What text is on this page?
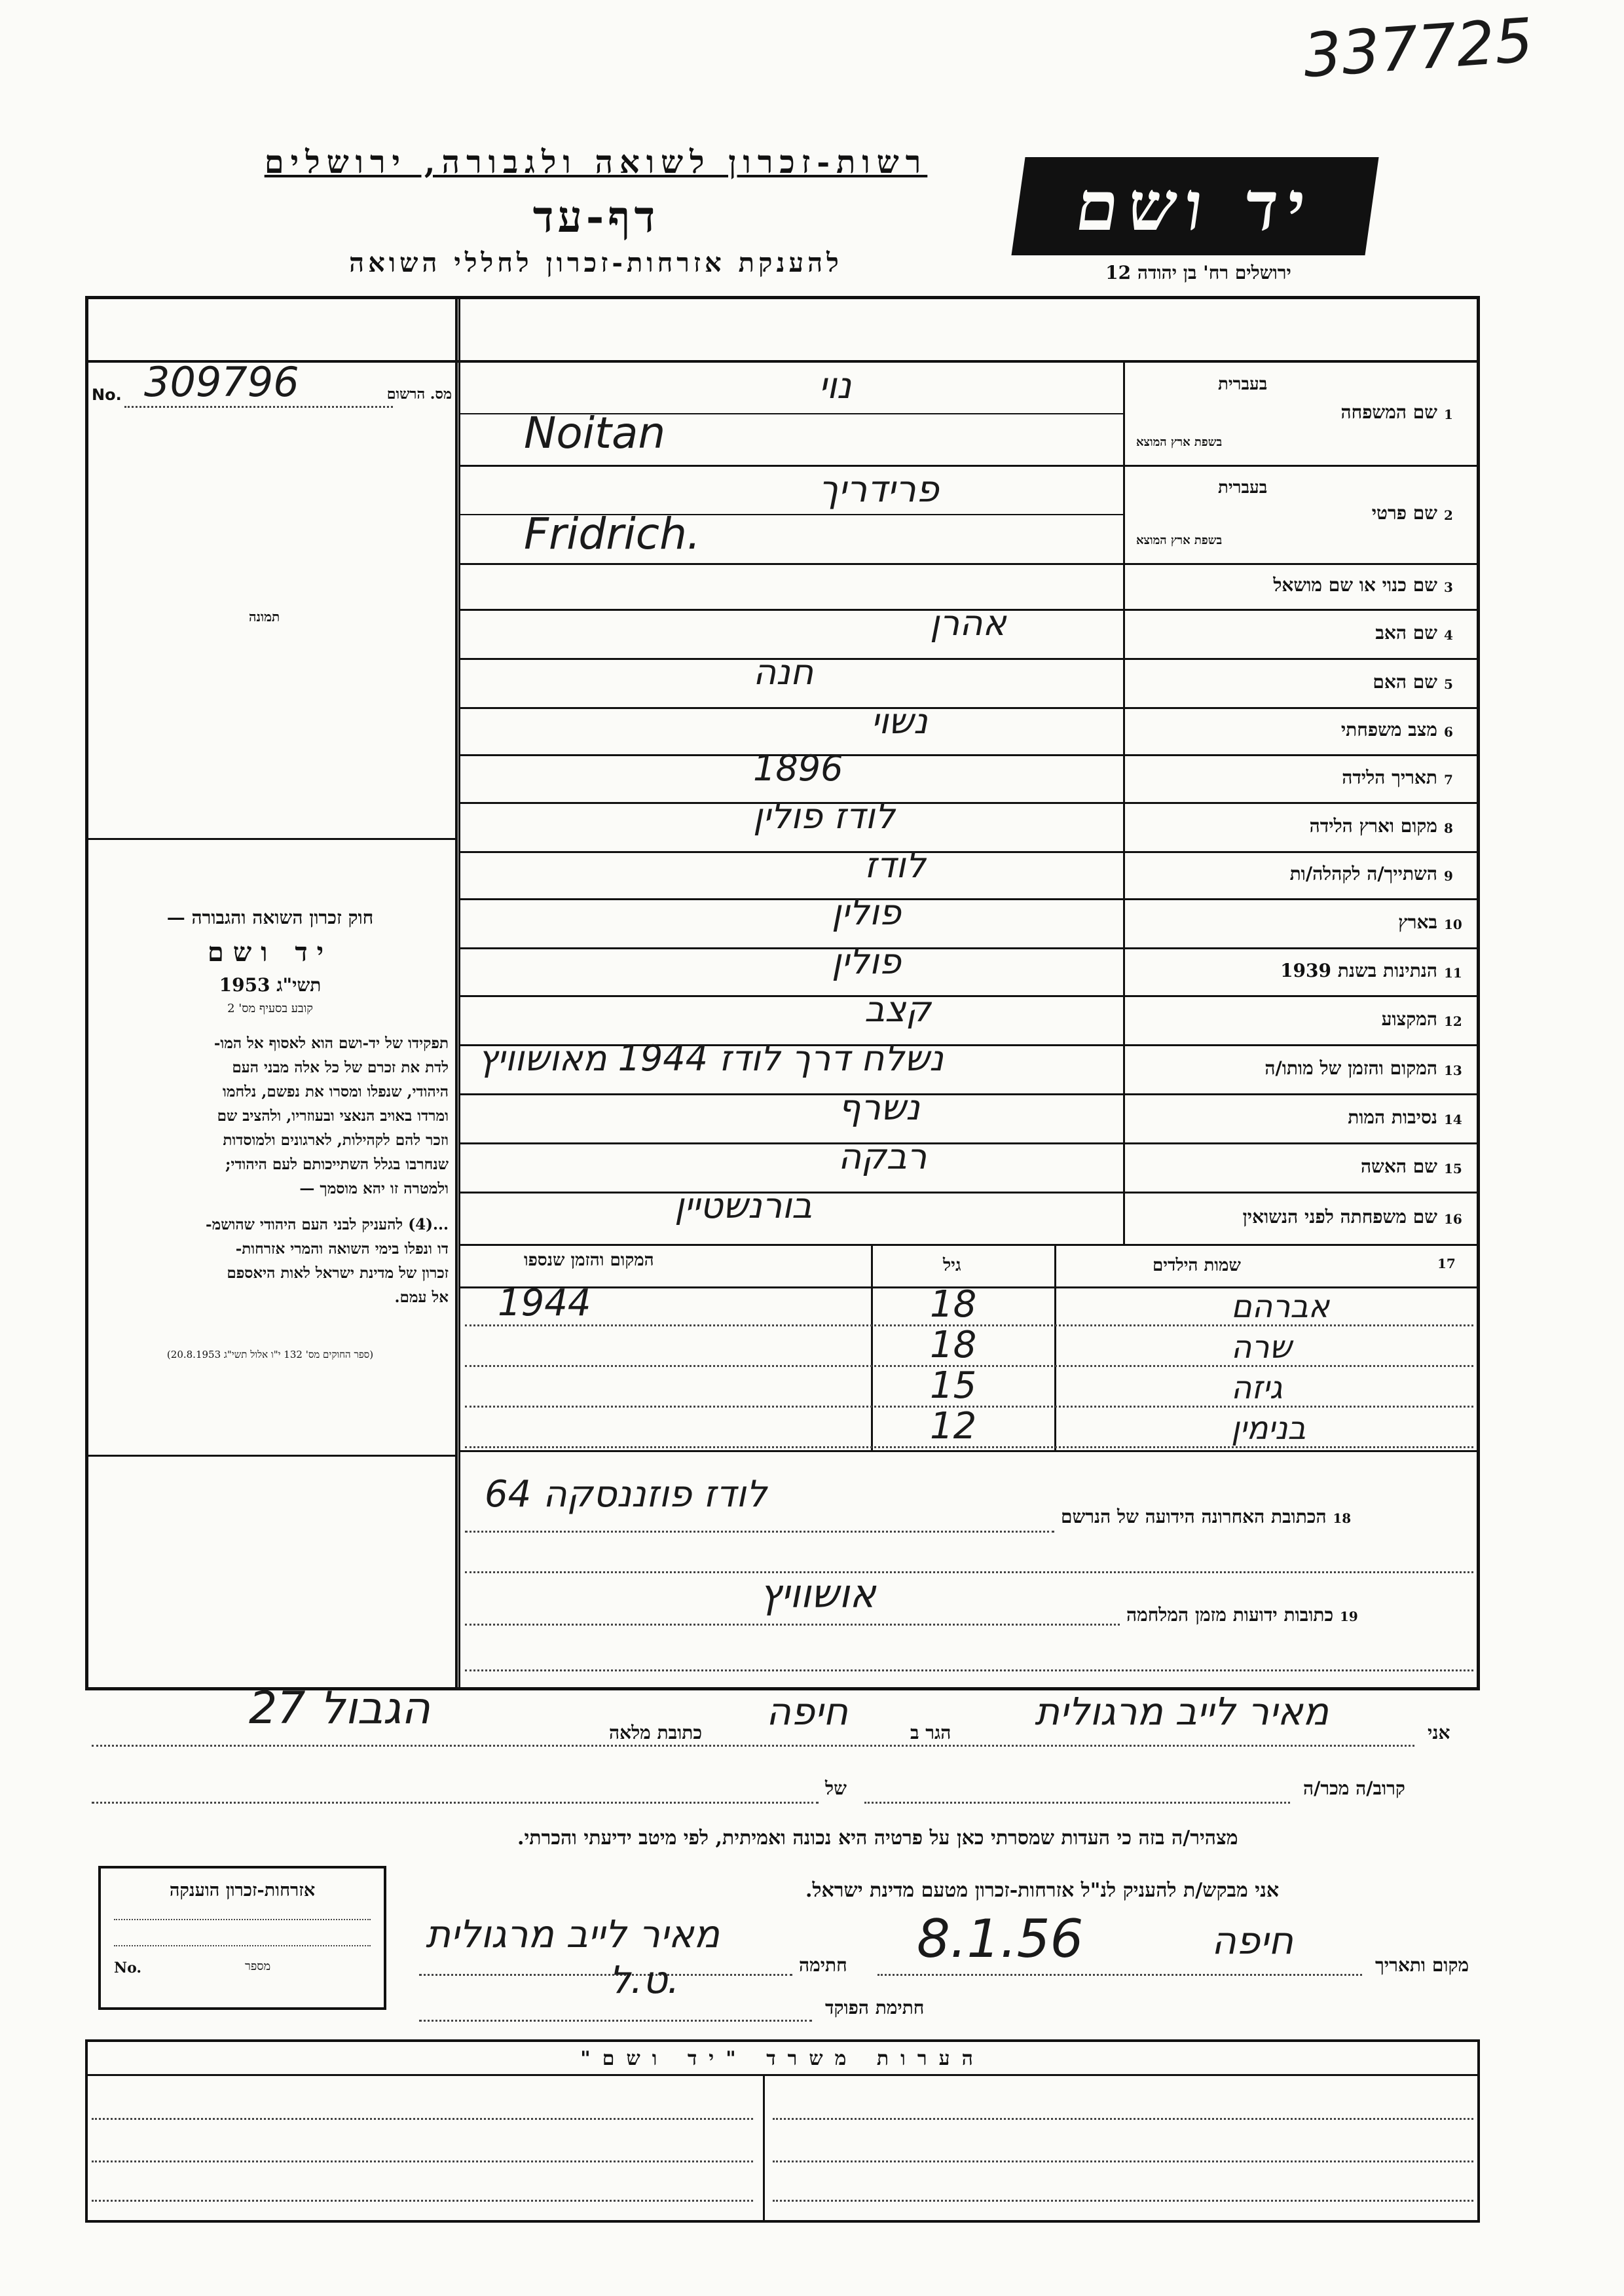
337725
רשות-זכרון לשואה ולגבורה, ירושלים
דף-עד
להענקת אזרחות-זכרון לחללי השואה
יד ושם
ירושלים רח' בן יהודה 12
מס. הרשום
No. 309796
תמונה
חוק זכרון השואה והגבורה —
יד ושם
תשי"ג 1953
קובע בסעיף מס' 2
תפקידו של יד-ושם הוא לאסוף אל המו-
לדת את זכרם של כל אלה מבני העם
היהודי, שנפלו ומסרו את נפשם, נלחמו
ומרדו באויב הנאצי ובעוזריו, ולהציב שם
וזכר להם לקהילות, לארגונים ולמוסדות
שנחרבו בגלל השתייכותם לעם היהודי;
ולמטרה זו יהא מוסמך —
...(4) להעניק לבני העם היהודי שהושמ-
דו ונפלו בימי השואה והמרי אזרחות-
זכרון של מדינת ישראל לאות היאספם
אל עמם.
(ספר החוקים מס' 132 י"ו אלול תשי"ג 20.8.1953)
1
שם המשפחה
בעברית
בשפת ארץ המוצא
נוי
Noitan
2
שם פרטי
בעברית
בשפת ארץ המוצא
פרידריך
Fridrich.
3
שם כנוי או שם מושאל
4
שם האב
אהרן
5
שם האם
חנה
6
מצב משפחתי
נשוי
7
תאריך הלידה
1896
8
מקום וארץ הלידה
לודז פולין
9
השתייך/ה לקהלה/ות
לודז
10
בארץ
פולין
11
הנתינות בשנת 1939
פולין
12
המקצוע
קצב
13
המקום והזמן של מותו/ה
נשלח דרך לודז 1944 מאושוויץ
14
נסיבות המות
נשרף
15
שם האשה
רבקה
16
שם משפחתה לפני הנשואין
בורנשטיין
17
שמות הילדים
גיל
המקום והזמן שנספו
אברהם
18
1944
שרה
18
גיזה
15
בנימין
12
18 הכתובת האחרונה הידועה של הנרשם
לודז פוזננסקה 64
19 כתובות ידועות מזמן המלחמה
אושוויץ
אני
מאיר לייב מרגולית
הגר ב
חיפה
כתובת מלאה
הגבול 27
קרוב/ה מכר/ה
של
מצהיר/ה בזה כי העדות שמסרתי כאן על פרטיה היא נכונה ואמיתית, לפי מיטב ידיעתי והכרתי.
אני מבקש/ת להעניק לנ"ל אזרחות-זכרון מטעם מדינת ישראל.
מקום ותאריך
חיפה
8.1.56
חתימה
מאיר לייב מרגולית
ט.ל.
חתימת הפוקד
אזרחות-זכרון הוענקה
No.	מספר
הערות משרד "יד ושם"
